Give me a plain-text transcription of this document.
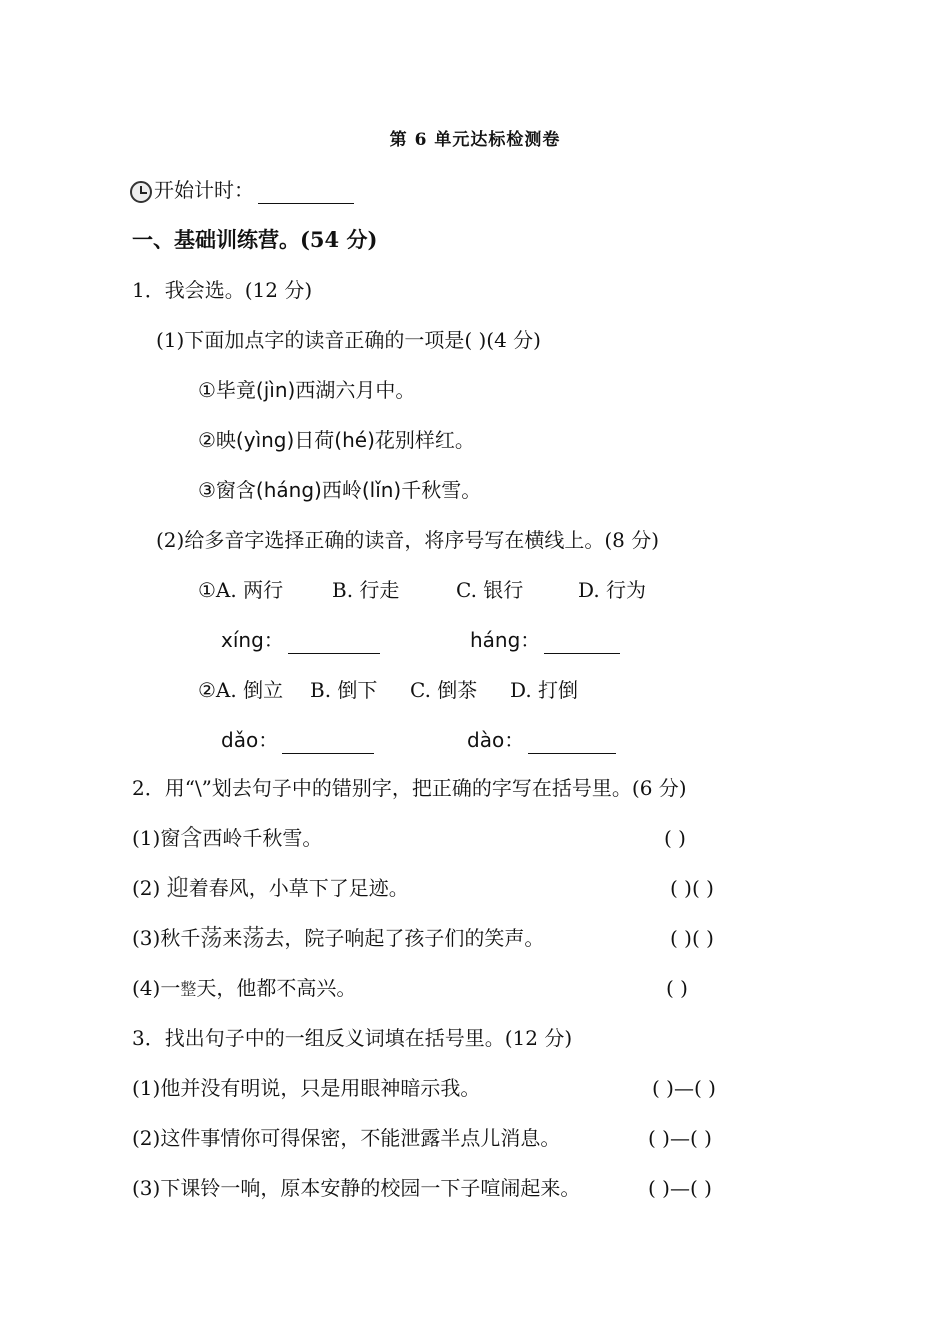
第 6 单元达标检测卷
开始计时：
一、基础训练营。(54 分)
1．我会选。(12 分)
(1)下面加点字的读音正确的一项是( )(4 分)
①毕竟(jìn)西湖六月中。
②映(yìng)日荷(hé)花别样红。
③窗含(háng)西岭(lǐn)千秋雪。
(2)给多音字选择正确的读音，将序号写在横线上。(8 分)
①A. 两行 B. 行走	C. 银行	D. 行为
xíng：	háng：
②A. 倒立 B. 倒下 C. 倒茶 D. 打倒
dǎo：	dào：
2．用“\”划去句子中的错别字，把正确的字写在括号里。(6 分)
(1)窗含西岭千秋雪。	( )
(2) 迎着春风，小草下了足迹。	( )( )
(3)秋千荡来荡去，院子响起了孩子们的笑声。	( )( )
(4)一整天，他都不高兴。	( )
3．找出句子中的一组反义词填在括号里。(12 分)
(1)他并没有明说，只是用眼神暗示我。	( )—( )
(2)这件事情你可得保密，不能泄露半点儿消息。	( )—( )
(3)下课铃一响，原本安静的校园一下子喧闹起来。	( )—( )
